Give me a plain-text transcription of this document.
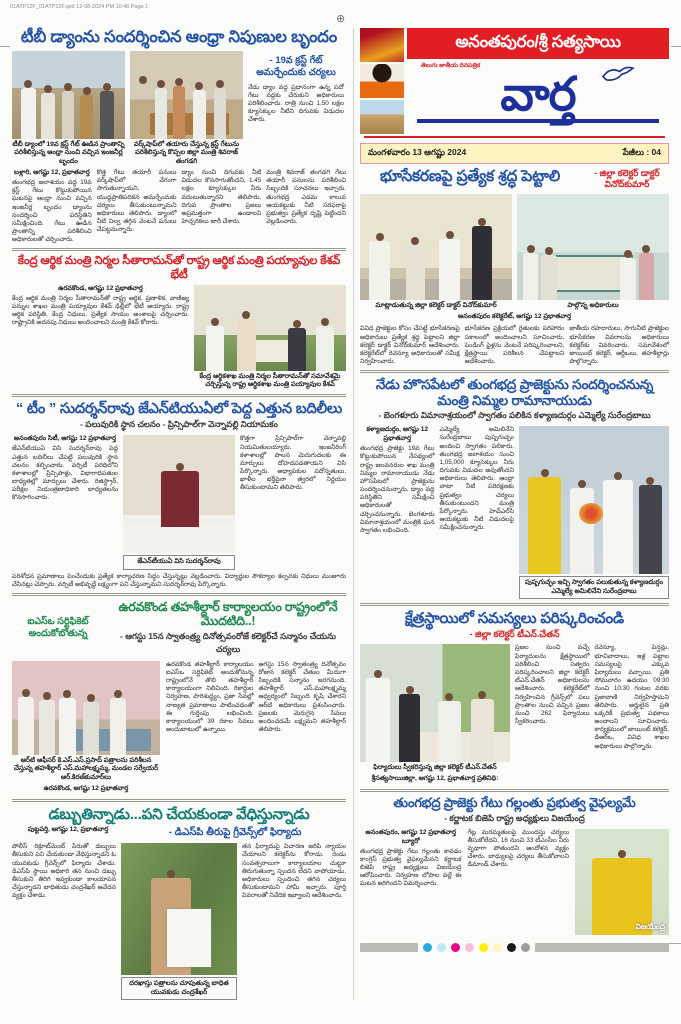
01ATP12F_01ATP12F.qxd 12-08-2024 PM 10:46 Page 1
⊕
టీబీ డ్యాంను సందర్శించిన ఆంధ్రా నిపుణుల బృందం
టీబీ డ్యాంలో 19వ క్రస్ట్ గేట్ ఊడిన ప్రాంతాన్ని పరిశీలిస్తున్న ఆంధ్రా నుంచి వచ్చిన ఇంజనీర్ల బృందం
వర్క్‌షాప్‌లో తయారు చేస్తున్న క్రస్ట్ గేటును పరిశీలిస్తున్న కొప్పల జిల్లా మంత్రి శివరాజ్ తంగడగి
- 19వ క్రస్ట్ గేట్ అమర్చేందుకు చర్యలు
నేడు డ్యాం వద్ద ప్రధానంగా ఉన్న పదో గేటు వద్దకు చేరుకుని అధికారులు పరిశీలించారు. రాత్రి నుంచి 1.50 లక్షల క్యూసెక్కుల నీటిని దిగువకు విడుదల చేశారు.
బళ్లారి, ఆగష్టు 12, ప్రభాతవార్త
తుంగభద్ర జలాశయం వద్ద 19వ క్రస్ట్ గేటు కొట్టుకుపోయిన ఘటనపై ఆంధ్రా నుంచి వచ్చిన ఇంజనీర్ల బృందం డ్యాంను సందర్శించి పరిస్థితిని సమీక్షించింది. గేటు ఊడిన ప్రాంతాన్ని పరిశీలించి అధికారులతో చర్చించారు.
కొత్త గేటు తయారీ పనులు వర్క్‌షాప్‌లో వేగంగా సాగుతున్నాయని, యుద్ధప్రాతిపదికన అమర్చేందుకు చర్యలు తీసుకుంటున్నామని అధికారులు తెలిపారు. డ్యాంలో నీటి నిల్వ తగ్గిన వెంటనే పనులు చేపట్టనున్నారు.
డ్యాం నుంచి దిగువకు నీటి విడుదల కొనసాగుతోందని, 1.45 లక్షల క్యూసెక్కుల నీరు వదులుతున్నారని తెలిపారు. దిగువ ప్రాంతాల ప్రజలు అప్రమత్తంగా ఉండాలని హెచ్చరికలు జారీ చేశారు.
మంత్రి శివరాజ్ తంగడగి గేటు తయారీ పనులను పరిశీలించి సిబ్బందికి సూచనలు ఇచ్చారు. తుంగభద్ర ఎడమ కాలువ ఆయకట్టుకు నీటి సరఫరాపై ప్రభుత్వం ప్రత్యేక దృష్టి పెట్టిందని వెల్లడించారు.
కేంద్ర ఆర్థిక మంత్రి నిర్మల సీతారామన్‌తో రాష్ట్ర ఆర్థిక మంత్రి పయ్యావుల కేశవ్ భేటీ
ఉరవకొండ, ఆగష్టు 12 ప్రభాతవార్త
కేంద్ర ఆర్థిక మంత్రి నిర్మల సీతారామన్‌తో రాష్ట్ర ఆర్థిక, ప్రణాళిక, వాణిజ్య పన్నుల శాఖల మంత్రి పయ్యావుల కేశవ్ ఢిల్లీలో భేటీ అయ్యారు. రాష్ట్ర ఆర్థిక పరిస్థితి, కేంద్ర నిధులు, ప్రత్యేక సాయం అంశాలపై చర్చించారు. రాష్ట్రానికి అదనపు నిధులు అందించాలని మంత్రి కేశవ్ కోరారు.
కేంద్ర ఆర్థికశాఖ మంత్రి నిర్మల సీతారామన్‌తో సమావేశమై చర్చిస్తున్న రాష్ట్ర ఆర్థికశాఖ మంత్రి పయ్యావుల కేశవ్
“ టీం ” సుదర్శన్‌రావు జేఎన్‌టియుఏలో పెద్ద ఎత్తున బదిలీలు
- పలువురికి స్థాన చలనం - ప్రిన్సిపాల్‌గా వెన్నావల్లి నియామకం
అనంతపురం సిటీ, ఆగష్టు 12 ప్రభాతవార్త
జేఎన్‌టియుఏ విసి సుదర్శన్‌రావు పెద్ద ఎత్తున బదిలీలు చేపట్టి పలువురికి స్థాన చలనం కల్పించారు. వర్సిటీ పరిధిలోని కళాశాలల్లో ప్రిన్సిపాళ్లు, విభాగాధిపతుల బాధ్యతల్లో మార్పులు చేశారు. రిజిస్ట్రార్, పరీక్షల నియంత్రణాధికారి బాధ్యతలను కొనసాగించారు.
జేఎన్‌టీయుఏ విసి సుదర్శన్‌రావు
కొత్తగా ప్రిన్సిపాల్‌గా వెన్నావల్లి నియమితులయ్యారు. ఇంజనీరింగ్ కళాశాలల్లో పాలన మెరుగుదలకు ఈ మార్పులు దోహదపడతాయని విసి పేర్కొన్నారు. అధ్యాపకుల పదోన్నతులు, ఖాళీల భర్తీపైనా త్వరలో నిర్ణయం తీసుకుంటామని తెలిపారు.
పరిశోధన ప్రమాణాలు పెంచేందుకు ప్రత్యేక కార్యాచరణ సిద్ధం చేస్తున్నట్లు వెల్లడించారు. విద్యార్థుల సౌకర్యాల కల్పనకు నిధులు మంజూరు చేసినట్లు చెప్పారు. వర్సిటీ అభివృద్ధే లక్ష్యంగా పని చేస్తున్నామని సుదర్శన్‌రావు పేర్కొన్నారు.
ఐఎస్ఒ సర్టిఫికెట్ అందుకోబోతున్న
ఉరవకొండ తహశీల్దార్ కార్యాలయం రాష్ట్రంలోనే మొదటిది..!
- ఆగస్టు 15న స్వాతంత్ర్య దినోత్సవంరోజే కలెక్టర్‌చే సన్మానం చేయను చర్యలు
ఆర్‌టి ఆఫీసర్ కె.ఎస్.ఎస్.ప్రసాద్ పత్రాలను పరిశీలన చేస్తున్న తహశీల్దార్ ఎస్.మహాలక్ష్మమ్మ, మండల సర్వేయర్ ఆర్.కిరణ్‌కుమార్‌లు
ఉరవకొండ, ఆగష్టు 12 ప్రభాతవార్త
ఉరవకొండ తహశీల్దార్ కార్యాలయం ఐఎస్ఒ సర్టిఫికెట్ అందుకోనున్న రాష్ట్రంలోనే తొలి తహశీల్దార్ కార్యాలయంగా నిలిచింది. రికార్డుల నిర్వహణ, పారిశుద్ధ్యం, ప్రజా సేవల్లో నాణ్యత ప్రమాణాలు పాటించడంతో ఈ గుర్తింపు లభించింది. కార్యాలయంలో 39 రకాల సేవలు అందుబాటులో ఉన్నాయి.
ఆగస్టు 15న స్వాతంత్ర్య దినోత్సవం రోజున కలెక్టర్ చేతుల మీదుగా సిబ్బందికి సన్మానం జరగనుంది. తహశీల్దార్ ఎస్.మహాలక్ష్మమ్మ ఆధ్వర్యంలో సిబ్బంది కృషి చేశారని ఆర్‌టి అధికారులు ప్రశంసించారు. ప్రజలకు మెరుగైన సేవలు అందించడమే లక్ష్యమని తహశీల్దార్ తెలిపారు.
డబ్బుతిన్నాడు...పని చేయకుండా వేధిస్తున్నాడు
పుట్టపర్తి, ఆగష్టు 12, ప్రభాతవార్త	- డిఎస్‌పి తీరుపై గ్రీవెన్స్‌లో ఫిర్యాదు
పోలీస్ రిక్రూట్‌మెంట్ పేరుతో డబ్బులు తీసుకుని పని చేయకుండా వేధిస్తున్నాడని ఓ యువకుడు గ్రీవెన్స్‌లో ఫిర్యాదు చేశాడు. డిఎస్‌పి స్థాయి అధికారి తన నుంచి డబ్బు తీసుకుని తిరిగి ఇవ్వకుండా కాలయాపన చేస్తున్నాడని బాధితుడు చంద్రశేఖర్ ఆవేదన వ్యక్తం చేశాడు.
దరఖాస్తు పత్రాలను చూపుతున్న బాధిత యువకుడు చంద్రశేఖర్
తన ఫిర్యాదుపై విచారణ జరిపి న్యాయం చేయాలని కలెక్టర్‌ను కోరాడు. రెండు సంవత్సరాలుగా కార్యాలయాల చుట్టూ తిరుగుతున్నా స్పందన లేదని వాపోయాడు. అధికారులు స్పందించి తగిన చర్యలు తీసుకుంటామని హామీ ఇచ్చారు. పూర్తి వివరాలతో నివేదిక ఇవ్వాలని ఆదేశించారు.
అనంతపురం/శ్రీ సత్యసాయి
తెలుగు జాతీయ దినపత్రిక
వార్త
మంగళవారం 13 ఆగష్టు 2024	పేజీలు : 04
భూసేకరణపై ప్రత్యేక శ్రద్ధ పెట్టాలి	- జిల్లా కలెక్టర్ డాక్టర్ వినోద్‌కుమార్
మాట్లాడుతున్న జిల్లా కలెక్టర్ డాక్టర్ వినోద్‌కుమార్	పాల్గొన్న అధికారులు
అనంతపురం కలెక్టరేట్, ఆగష్టు 12 ప్రభాతవార్త
వివిధ ప్రాజెక్టుల కోసం చేపట్టే భూసేకరణపై అధికారులు ప్రత్యేక శ్రద్ధ పెట్టాలని జిల్లా కలెక్టర్ డాక్టర్ వినోద్‌కుమార్ ఆదేశించారు. కలెక్టరేట్‌లో రెవెన్యూ అధికారులతో సమీక్ష నిర్వహించారు.
భూసేకరణ ప్రక్రియలో రైతులకు పరిహారం సకాలంలో అందించాలని సూచించారు. పెండింగ్ ఫైళ్లను వెంటనే పరిష్కరించాలని, క్షేత్రస్థాయి పరిశీలన చేపట్టాలని ఆదేశించారు.
జాతీయ రహదారులు, సాగునీటి ప్రాజెక్టుల భూసేకరణ వివరాలను అధికారులు కలెక్టర్‌కు వివరించారు. సమావేశంలో జాయింట్ కలెక్టర్, ఆర్డీఒలు, తహశీల్దార్లు పాల్గొన్నారు.
నేడు హొసపేటలో తుంగభద్ర ప్రాజెక్టును సందర్శించనున్న మంత్రి నిమ్మల రామానాయుడు
- బెంగళూరు విమానాశ్రయంలో స్వాగతం పలికిన కళ్యాణదుర్గం ఎమ్మెల్యే సురేంద్రబాబు
కళ్యాణదుర్గం, ఆగష్టు 12 ప్రభాతవార్త
తుంగభద్ర ప్రాజెక్టు 19వ గేటు కొట్టుకుపోయిన నేపథ్యంలో రాష్ట్ర జలవనరుల శాఖ మంత్రి నిమ్మల రామానాయుడు నేడు హొసపేటలో ప్రాజెక్టును సందర్శించనున్నారు. డ్యాం వద్ద పరిస్థితిని సమీక్షించి అధికారులతో చర్చించనున్నారు. బెంగళూరు విమానాశ్రయంలో మంత్రికి ఘన స్వాగతం లభించింది.
ఎమ్మెల్యే అమిలినేని సురేంద్రబాబు పుష్పగుచ్ఛం అందించి స్వాగతం పలికారు. తుంగభద్ర జలాశయం నుంచి 1,05,000 క్యూసెక్కుల నీరు దిగువకు విడుదల అవుతోందని అధికారులు తెలిపారు. ఆంధ్రా వాటా నీటి పరిరక్షణకు ప్రభుత్వం చర్యలు తీసుకుంటుందని మంత్రి పేర్కొన్నారు. హెచ్ఎల్‌సి ఆయకట్టుకు నీటి విడుదలపై సమీక్షించనున్నారు.
పుష్పగుచ్ఛం ఇచ్చి స్వాగతం పలుకుతున్న కళ్యాణదుర్గం ఎమ్మెల్యే అమిలినేని సురేంద్రబాబు
క్షేత్రస్థాయిలో సమస్యలు పరిష్కరించండి
- జిల్లా కలెక్టర్ టీఎన్.చేతన్
ఫిర్యాదులు స్వీకరిస్తున్న జిల్లా కలెక్టర్ టీఎన్.చేతన్
శ్రీసత్యసాయిజిల్లా, ఆగష్టు 12, ప్రభాతవార్త ప్రతినిధి:
ప్రజల నుంచి వచ్చే ఫిర్యాదులను క్షేత్రస్థాయిలో పరిశీలించి సత్వరం పరిష్కరించాలని జిల్లా కలెక్టర్ టీఎన్.చేతన్ అధికారులను ఆదేశించారు. కలెక్టరేట్‌లో నిర్వహించిన గ్రీవెన్స్‌లో పలు ప్రాంతాల నుంచి వచ్చిన ప్రజల నుంచి 262 ఫిర్యాదులు స్వీకరించారు.
రెవెన్యూ, పెన్షన్లు, భూవివాదాలు, ఇళ్ల పట్టాల సమస్యలపై ఎక్కువ ఫిర్యాదులు వచ్చాయి. ప్రతి సోమవారం ఉదయం 09:30 నుంచి 10:30 గంటల వరకు ప్రజావాణి నిర్వహిస్తామని తెలిపారు. అర్హులైన ప్రతి ఒక్కరికీ ప్రభుత్వ పథకాలు అందాలని సూచించారు. కార్యక్రమంలో జాయింట్ కలెక్టర్, డిఆర్ఒ, వివిధ శాఖల అధికారులు పాల్గొన్నారు.
తుంగభద్ర ప్రాజెక్టు గేటు గల్లంతు ప్రభుత్వ వైఫల్యమే
- కర్ణాటక బిజెపి రాష్ట్ర అధ్యక్షులు విజయేంద్ర
అనంతపురం, ఆగష్టు 12 ప్రభాతవార్త బ్యూరో
తుంగభద్ర ప్రాజెక్టు గేటు గల్లంతు కావడం కాంగ్రెస్ ప్రభుత్వ వైఫల్యమేనని కర్ణాటక బిజెపి రాష్ట్ర అధ్యక్షులు విజయేంద్ర ఆరోపించారు. నిర్వహణ లోపాల వల్లే ఈ ఘటన జరిగిందని విమర్శించారు.
గేట్ల మరమ్మతులపై ముందస్తు చర్యలు తీసుకోలేదని, 16 నుంచి 33 టీఎంసీల నీరు వృథాగా పోతుందని ఆందోళన వ్యక్తం చేశారు. బాధ్యులపై చర్యలు తీసుకోవాలని డిమాండ్ చేశారు.
విజయేంద్ర
